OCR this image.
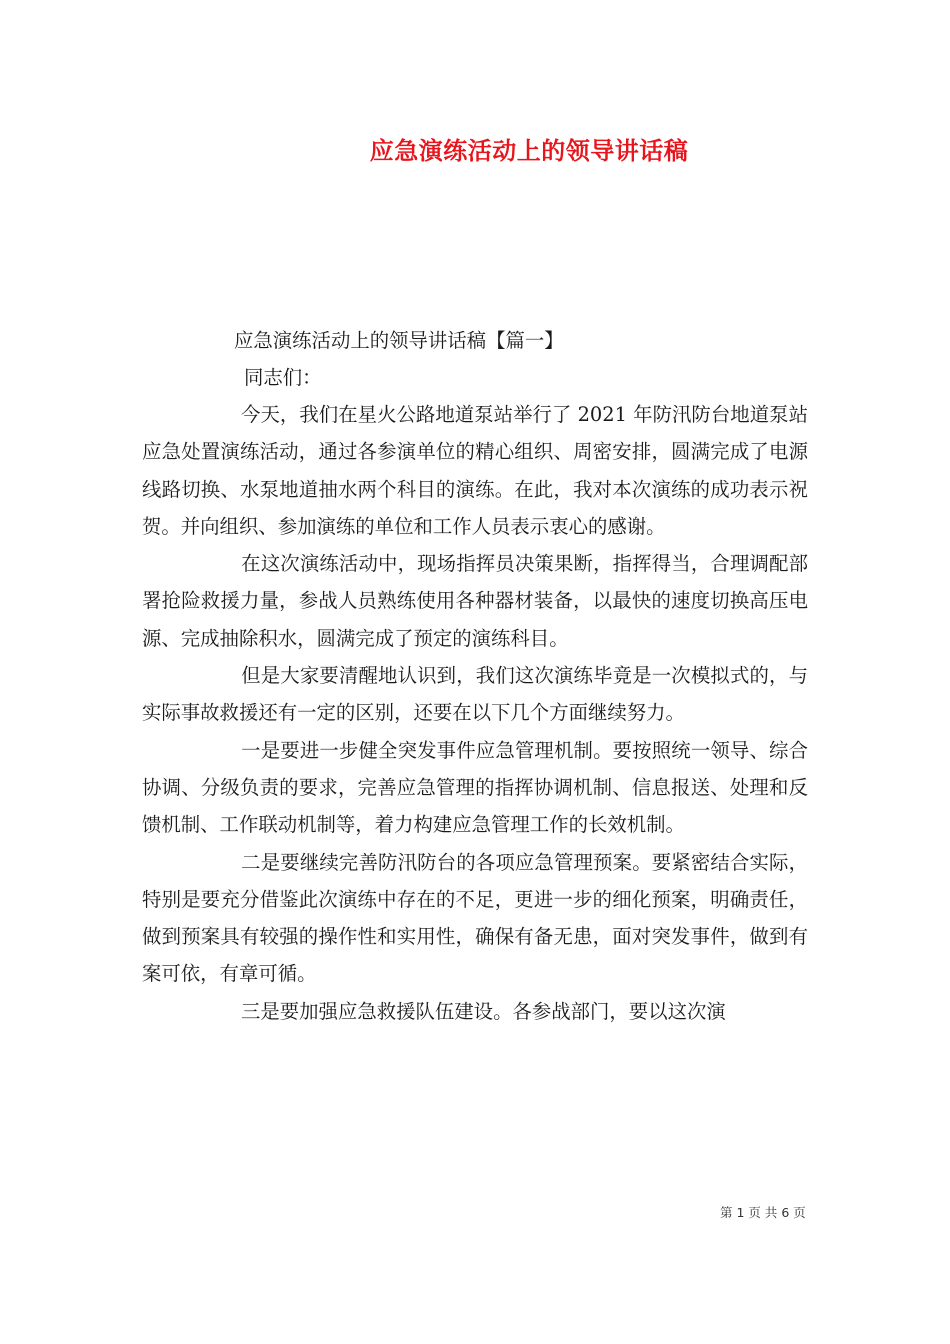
应急演练活动上的领导讲话稿
应急演练活动上的领导讲话稿【篇一】
同志们：

今天，我们在星火公路地道泵站举行了 2021 年防汛防台地道泵站应急处置演练活动，通过各参演单位的精心组织、周密安排，圆满完成了电源线路切换、水泵地道抽水两个科目的演练。在此，我对本次演练的成功表示祝贺。并向组织、参加演练的单位和工作人员表示衷心的感谢。

在这次演练活动中，现场指挥员决策果断，指挥得当，合理调配部署抢险救援力量，参战人员熟练使用各种器材装备，以最快的速度切换高压电源、完成抽除积水，圆满完成了预定的演练科目。

但是大家要清醒地认识到，我们这次演练毕竟是一次模拟式的，与实际事故救援还有一定的区别，还要在以下几个方面继续努力。

一是要进一步健全突发事件应急管理机制。要按照统一领导、综合协调、分级负责的要求，完善应急管理的指挥协调机制、信息报送、处理和反馈机制、工作联动机制等，着力构建应急管理工作的长效机制。

二是要继续完善防汛防台的各项应急管理预案。要紧密结合实际，特别是要充分借鉴此次演练中存在的不足，更进一步的细化预案，明确责任，做到预案具有较强的操作性和实用性，确保有备无患，面对突发事件，做到有案可依，有章可循。

三是要加强应急救援队伍建设。各参战部门，要以这次演

第 1 页 共 6 页
